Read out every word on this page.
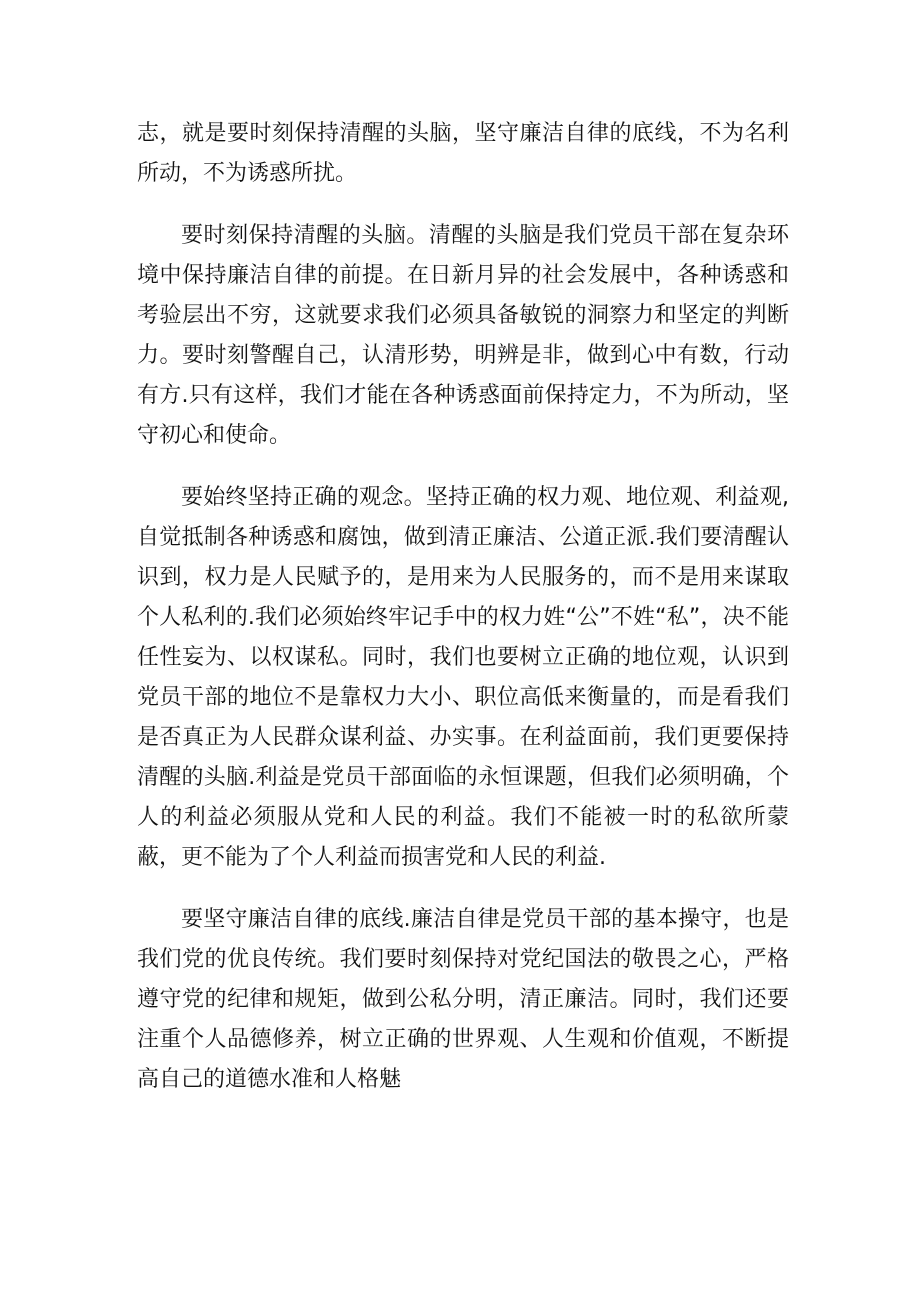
志，就是要时刻保持清醒的头脑，坚守廉洁自律的底线，不为名利所动，不为诱惑所扰。

要时刻保持清醒的头脑。清醒的头脑是我们党员干部在复杂环境中保持廉洁自律的前提。在日新月异的社会发展中，各种诱惑和考验层出不穷，这就要求我们必须具备敏锐的洞察力和坚定的判断力。要时刻警醒自己，认清形势，明辨是非，做到心中有数，行动有方.只有这样，我们才能在各种诱惑面前保持定力，不为所动，坚守初心和使命。

要始终坚持正确的观念。坚持正确的权力观、地位观、利益观,自觉抵制各种诱惑和腐蚀，做到清正廉洁、公道正派.我们要清醒认识到，权力是人民赋予的，是用来为人民服务的，而不是用来谋取个人私利的.我们必须始终牢记手中的权力姓“公”不姓“私”，决不能任性妄为、以权谋私。同时，我们也要树立正确的地位观，认识到党员干部的地位不是靠权力大小、职位高低来衡量的，而是看我们是否真正为人民群众谋利益、办实事。在利益面前，我们更要保持清醒的头脑.利益是党员干部面临的永恒课题，但我们必须明确，个人的利益必须服从党和人民的利益。我们不能被一时的私欲所蒙蔽，更不能为了个人利益而损害党和人民的利益.

要坚守廉洁自律的底线.廉洁自律是党员干部的基本操守，也是我们党的优良传统。我们要时刻保持对党纪国法的敬畏之心，严格遵守党的纪律和规矩，做到公私分明，清正廉洁。同时，我们还要注重个人品德修养，树立正确的世界观、人生观和价值观，不断提高自己的道德水准和人格魅
